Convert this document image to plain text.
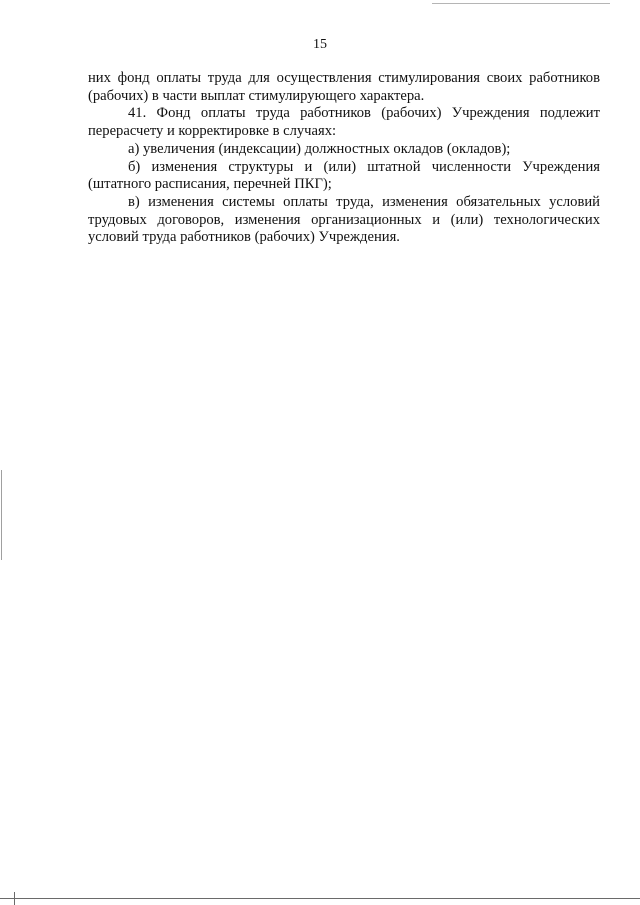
15

них фонд оплаты труда для осуществления стимулирования своих работников (рабочих) в части выплат стимулирующего характера.

41. Фонд оплаты труда работников (рабочих) Учреждения подлежит перерасчету и корректировке в случаях:

а) увеличения (индексации) должностных окладов (окладов);

б) изменения структуры и (или) штатной численности Учреждения (штатного расписания, перечней ПКГ);

в) изменения системы оплаты труда, изменения обязательных условий трудовых договоров, изменения организационных и (или) технологических условий труда работников (рабочих) Учреждения.
